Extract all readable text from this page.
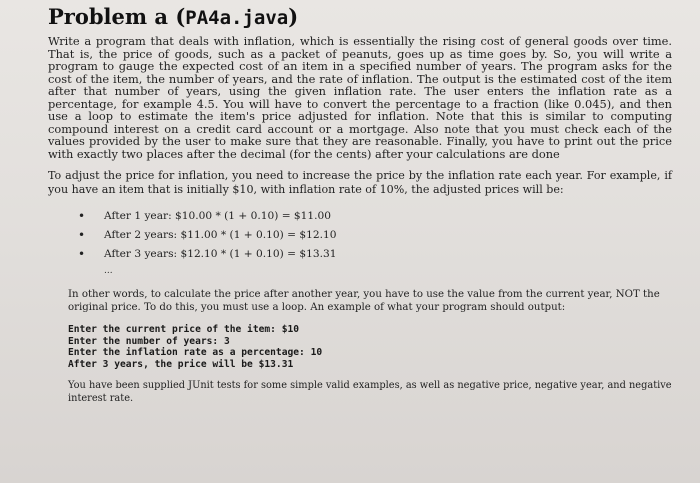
Problem a (PA4a.java)

Write a program that deals with inflation, which is essentially the rising cost of general goods over time. That is, the price of goods, such as a packet of peanuts, goes up as time goes by. So, you will write a program to gauge the expected cost of an item in a specified number of years. The program asks for the cost of the item, the number of years, and the rate of inflation. The output is the estimated cost of the item after that number of years, using the given inflation rate. The user enters the inflation rate as a percentage, for example 4.5. You will have to convert the percentage to a fraction (like 0.045), and then use a loop to estimate the item's price adjusted for inflation. Note that this is similar to computing compound interest on a credit card account or a mortgage. Also note that you must check each of the values provided by the user to make sure that they are reasonable. Finally, you have to print out the price with exactly two places after the decimal (for the cents) after your calculations are done

To adjust the price for inflation, you need to increase the price by the inflation rate each year. For example, if you have an item that is initially $10, with inflation rate of 10%, the adjusted prices will be:

• After 1 year: $10.00 * (1 + 0.10) = $11.00
• After 2 years: $11.00 * (1 + 0.10) = $12.10
• After 3 years: $12.10 * (1 + 0.10) = $13.31
...

In other words, to calculate the price after another year, you have to use the value from the current year, NOT the original price. To do this, you must use a loop. An example of what your program should output:

Enter the current price of the item: $10
Enter the number of years: 3
Enter the inflation rate as a percentage: 10
After 3 years, the price will be $13.31

You have been supplied JUnit tests for some simple valid examples, as well as negative price, negative year, and negative interest rate.
